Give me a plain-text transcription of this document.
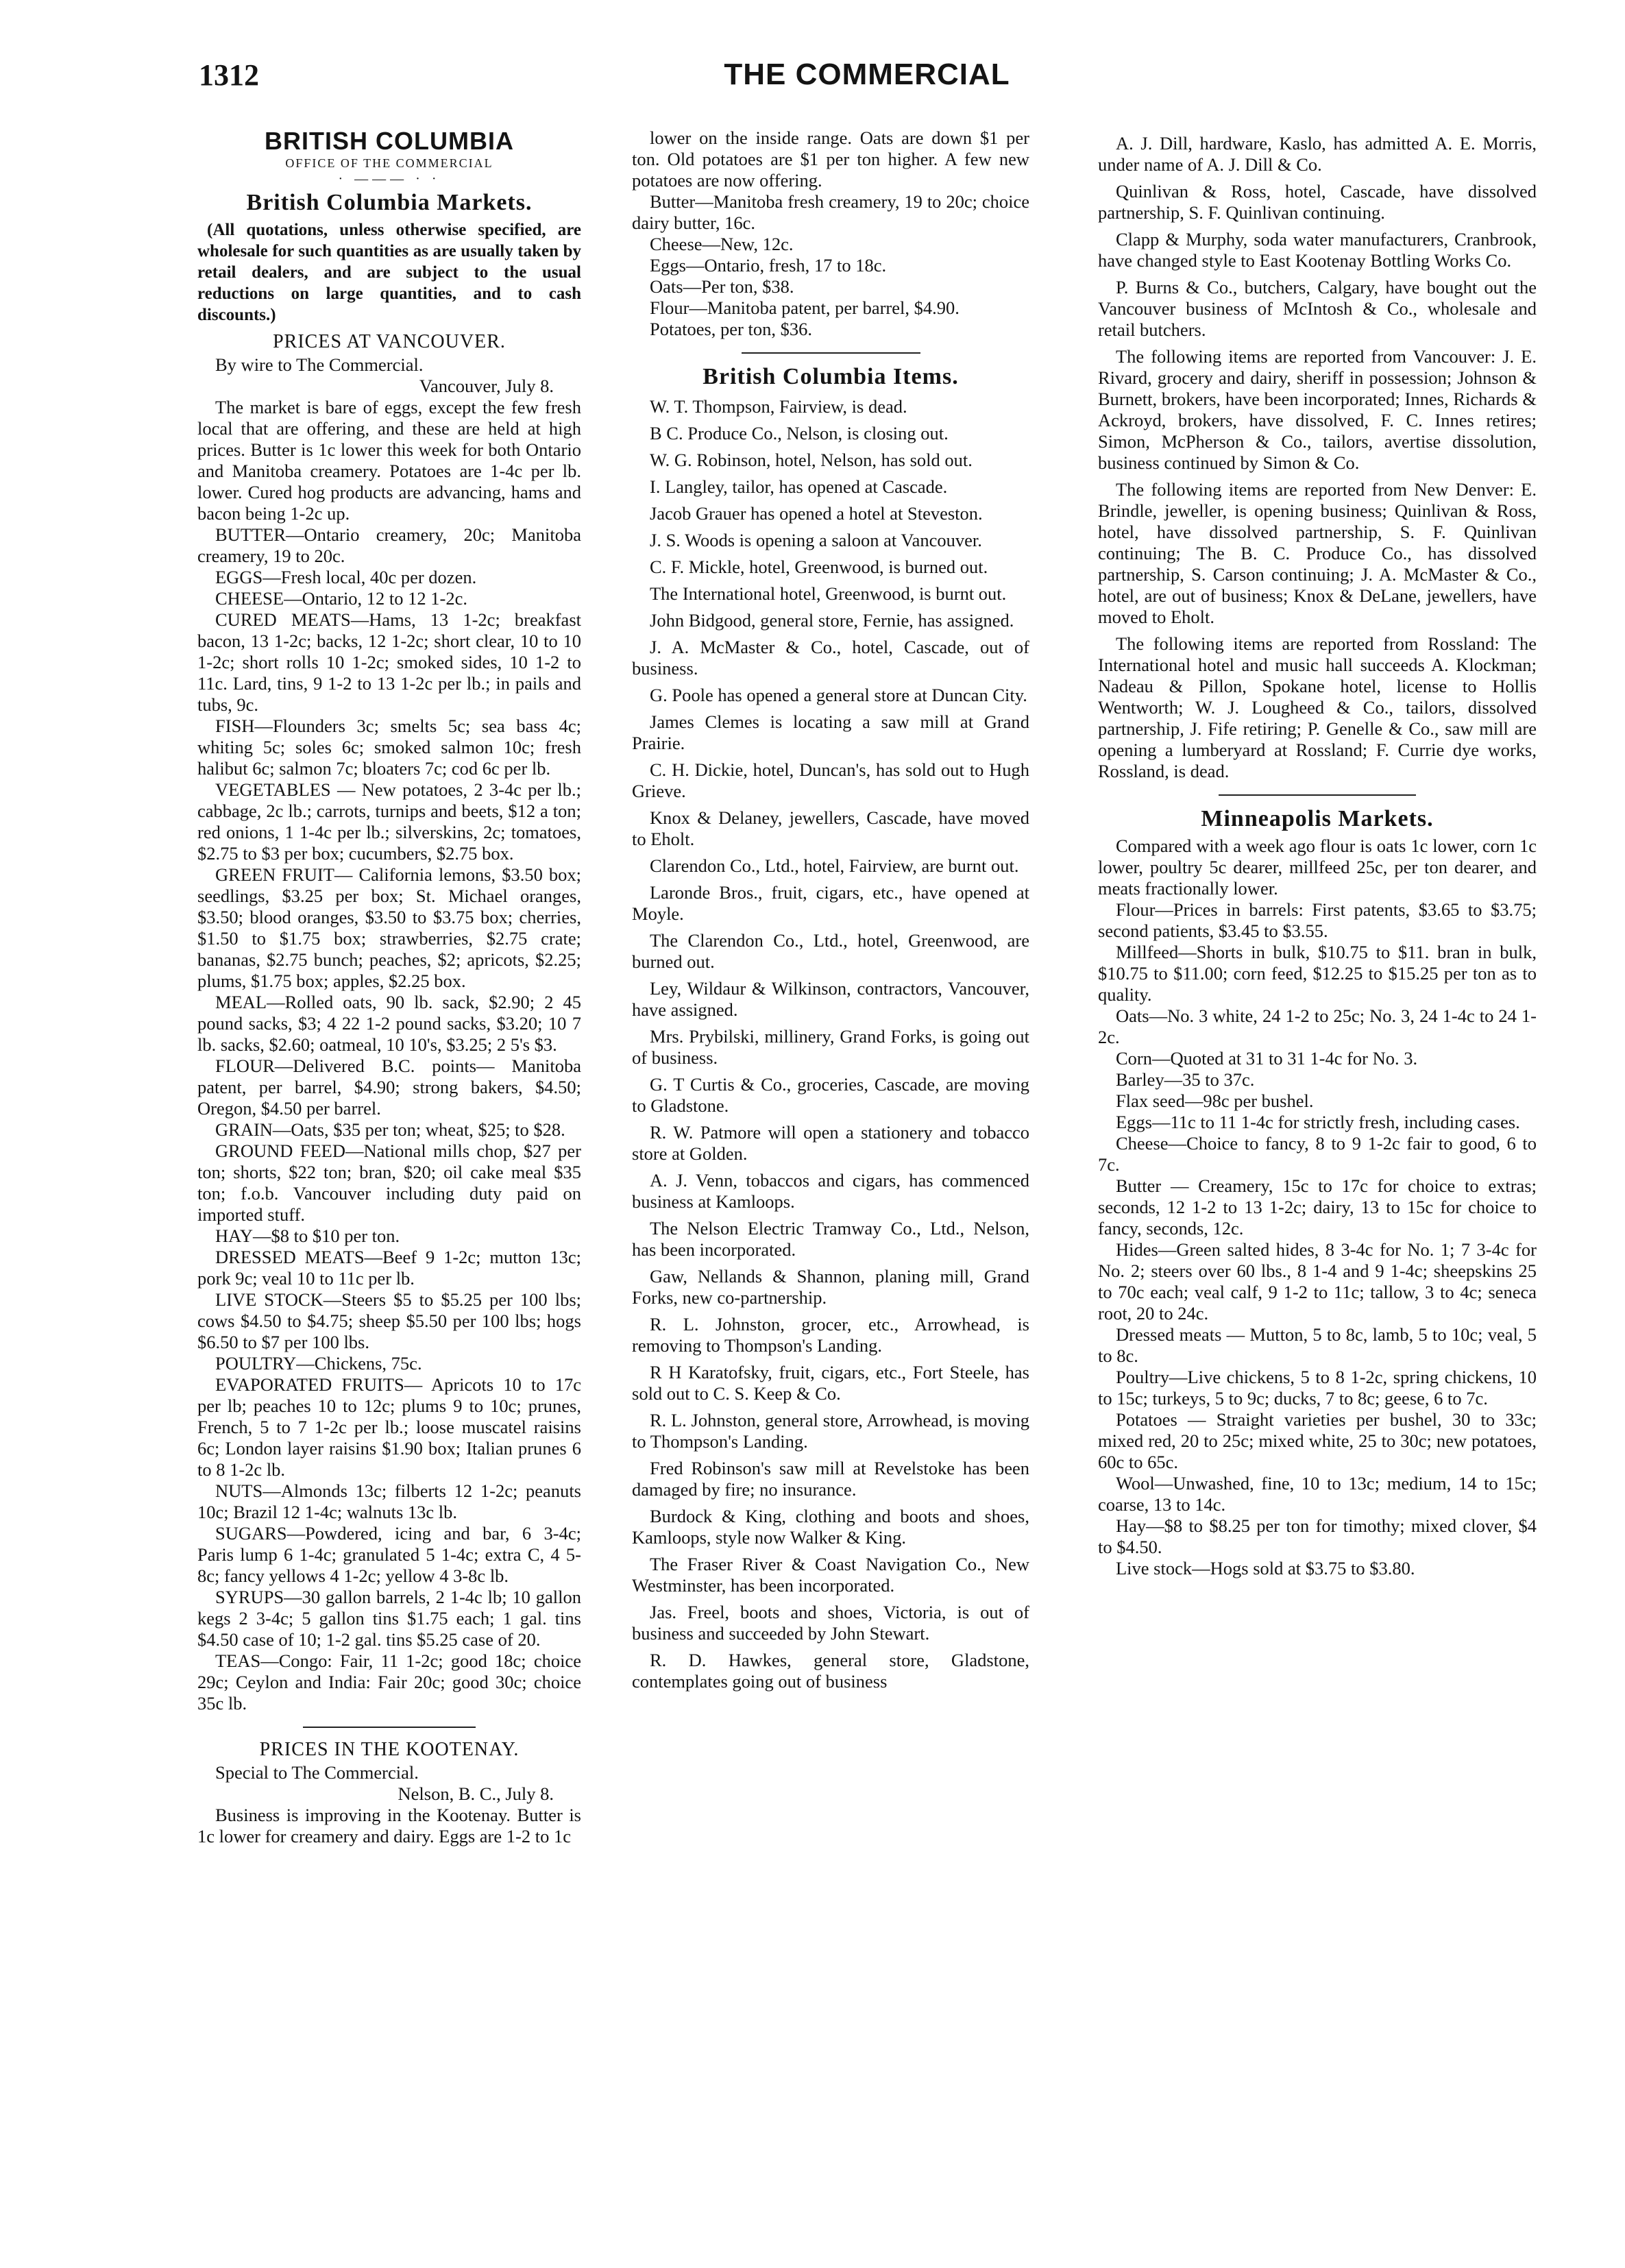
1312	THE COMMERCIAL
BRITISH COLUMBIA
OFFICE OF THE COMMERCIAL
· ——— · ·
British Columbia Markets.

(All quotations, unless otherwise specified, are wholesale for such quantities as are usually taken by retail dealers, and are subject to the usual reductions on large quantities, and to cash discounts.)

PRICES AT VANCOUVER.

By wire to The Commercial.

Vancouver, July 8.

The market is bare of eggs, except the few fresh local that are offering, and these are held at high prices. Butter is 1c lower this week for both Ontario and Manitoba creamery. Potatoes are 1-4c per lb. lower. Cured hog products are advancing, hams and bacon being 1-2c up.

BUTTER—Ontario creamery, 20c; Manitoba creamery, 19 to 20c.

EGGS—Fresh local, 40c per dozen.

CHEESE—Ontario, 12 to 12 1-2c.

CURED MEATS—Hams, 13 1-2c; breakfast bacon, 13 1-2c; backs, 12 1-2c; short clear, 10 to 10 1-2c; short rolls 10 1-2c; smoked sides, 10 1-2 to 11c. Lard, tins, 9 1-2 to 13 1-2c per lb.; in pails and tubs, 9c.

FISH—Flounders 3c; smelts 5c; sea bass 4c; whiting 5c; soles 6c; smoked salmon 10c; fresh halibut 6c; salmon 7c; bloaters 7c; cod 6c per lb.

VEGETABLES — New potatoes, 2 3-4c per lb.; cabbage, 2c lb.; carrots, turnips and beets, $12 a ton; red onions, 1 1-4c per lb.; silverskins, 2c; tomatoes, $2.75 to $3 per box; cucumbers, $2.75 box.

GREEN FRUIT— California lemons, $3.50 box; seedlings, $3.25 per box; St. Michael oranges, $3.50; blood oranges, $3.50 to $3.75 box; cherries, $1.50 to $1.75 box; strawberries, $2.75 crate; bananas, $2.75 bunch; peaches, $2; apricots, $2.25; plums, $1.75 box; apples, $2.25 box.

MEAL—Rolled oats, 90 lb. sack, $2.90; 2 45 pound sacks, $3; 4 22 1-2 pound sacks, $3.20; 10 7 lb. sacks, $2.60; oatmeal, 10 10's, $3.25; 2 5's $3.

FLOUR—Delivered B.C. points— Manitoba patent, per barrel, $4.90; strong bakers, $4.50; Oregon, $4.50 per barrel.

GRAIN—Oats, $35 per ton; wheat, $25; to $28.

GROUND FEED—National mills chop, $27 per ton; shorts, $22 ton; bran, $20; oil cake meal $35 ton; f.o.b. Vancouver including duty paid on imported stuff.

HAY—$8 to $10 per ton.

DRESSED MEATS—Beef 9 1-2c; mutton 13c; pork 9c; veal 10 to 11c per lb.

LIVE STOCK—Steers $5 to $5.25 per 100 lbs; cows $4.50 to $4.75; sheep $5.50 per 100 lbs; hogs $6.50 to $7 per 100 lbs.

POULTRY—Chickens, 75c.

EVAPORATED FRUITS— Apricots 10 to 17c per lb; peaches 10 to 12c; plums 9 to 10c; prunes, French, 5 to 7 1-2c per lb.; loose muscatel raisins 6c; London layer raisins $1.90 box; Italian prunes 6 to 8 1-2c lb.

NUTS—Almonds 13c; filberts 12 1-2c; peanuts 10c; Brazil 12 1-4c; walnuts 13c lb.

SUGARS—Powdered, icing and bar, 6 3-4c; Paris lump 6 1-4c; granulated 5 1-4c; extra C, 4 5-8c; fancy yellows 4 1-2c; yellow 4 3-8c lb.

SYRUPS—30 gallon barrels, 2 1-4c lb; 10 gallon kegs 2 3-4c; 5 gallon tins $1.75 each; 1 gal. tins $4.50 case of 10; 1-2 gal. tins $5.25 case of 20.

TEAS—Congo: Fair, 11 1-2c; good 18c; choice 29c; Ceylon and India: Fair 20c; good 30c; choice 35c lb.

PRICES IN THE KOOTENAY.

Special to The Commercial.

Nelson, B. C., July 8.

Business is improving in the Kootenay. Butter is 1c lower for creamery and dairy. Eggs are 1-2 to 1c

lower on the inside range. Oats are down $1 per ton. Old potatoes are $1 per ton higher. A few new potatoes are now offering.

Butter—Manitoba fresh creamery, 19 to 20c; choice dairy butter, 16c.

Cheese—New, 12c.

Eggs—Ontario, fresh, 17 to 18c.

Oats—Per ton, $38.

Flour—Manitoba patent, per barrel, $4.90.

Potatoes, per ton, $36.

British Columbia Items.

W. T. Thompson, Fairview, is dead.

B C. Produce Co., Nelson, is closing out.

W. G. Robinson, hotel, Nelson, has sold out.

I. Langley, tailor, has opened at Cascade.

Jacob Grauer has opened a hotel at Steveston.

J. S. Woods is opening a saloon at Vancouver.

C. F. Mickle, hotel, Greenwood, is burned out.

The International hotel, Greenwood, is burnt out.

John Bidgood, general store, Fernie, has assigned.

J. A. McMaster & Co., hotel, Cascade, out of business.

G. Poole has opened a general store at Duncan City.

James Clemes is locating a saw mill at Grand Prairie.

C. H. Dickie, hotel, Duncan's, has sold out to Hugh Grieve.

Knox & Delaney, jewellers, Cascade, have moved to Eholt.

Clarendon Co., Ltd., hotel, Fairview, are burnt out.

Laronde Bros., fruit, cigars, etc., have opened at Moyle.

The Clarendon Co., Ltd., hotel, Greenwood, are burned out.

Ley, Wildaur & Wilkinson, contractors, Vancouver, have assigned.

Mrs. Prybilski, millinery, Grand Forks, is going out of business.

G. T Curtis & Co., groceries, Cascade, are moving to Gladstone.

R. W. Patmore will open a stationery and tobacco store at Golden.

A. J. Venn, tobaccos and cigars, has commenced business at Kamloops.

The Nelson Electric Tramway Co., Ltd., Nelson, has been incorporated.

Gaw, Nellands & Shannon, planing mill, Grand Forks, new co-partnership.

R. L. Johnston, grocer, etc., Arrowhead, is removing to Thompson's Landing.

R H Karatofsky, fruit, cigars, etc., Fort Steele, has sold out to C. S. Keep & Co.

R. L. Johnston, general store, Arrowhead, is moving to Thompson's Landing.

Fred Robinson's saw mill at Revelstoke has been damaged by fire; no insurance.

Burdock & King, clothing and boots and shoes, Kamloops, style now Walker & King.

The Fraser River & Coast Navigation Co., New Westminster, has been incorporated.

Jas. Freel, boots and shoes, Victoria, is out of business and succeeded by John Stewart.

R. D. Hawkes, general store, Gladstone, contemplates going out of business

A. J. Dill, hardware, Kaslo, has admitted A. E. Morris, under name of A. J. Dill & Co.

Quinlivan & Ross, hotel, Cascade, have dissolved partnership, S. F. Quinlivan continuing.

Clapp & Murphy, soda water manufacturers, Cranbrook, have changed style to East Kootenay Bottling Works Co.

P. Burns & Co., butchers, Calgary, have bought out the Vancouver business of McIntosh & Co., wholesale and retail butchers.

The following items are reported from Vancouver: J. E. Rivard, grocery and dairy, sheriff in possession; Johnson & Burnett, brokers, have been incorporated; Innes, Richards & Ackroyd, brokers, have dissolved, F. C. Innes retires; Simon, McPherson & Co., tailors, avertise dissolution, business continued by Simon & Co.

The following items are reported from New Denver: E. Brindle, jeweller, is opening business; Quinlivan & Ross, hotel, have dissolved partnership, S. F. Quinlivan continuing; The B. C. Produce Co., has dissolved partnership, S. Carson continuing; J. A. McMaster & Co., hotel, are out of business; Knox & DeLane, jewellers, have moved to Eholt.

The following items are reported from Rossland: The International hotel and music hall succeeds A. Klockman; Nadeau & Pillon, Spokane hotel, license to Hollis Wentworth; W. J. Lougheed & Co., tailors, dissolved partnership, J. Fife retiring; P. Genelle & Co., saw mill are opening a lumberyard at Rossland; F. Currie dye works, Rossland, is dead.

Minneapolis Markets.

Compared with a week ago flour is oats 1c lower, corn 1c lower, poultry 5c dearer, millfeed 25c, per ton dearer, and meats fractionally lower.

Flour—Prices in barrels: First patents, $3.65 to $3.75; second patients, $3.45 to $3.55.

Millfeed—Shorts in bulk, $10.75 to $11. bran in bulk, $10.75 to $11.00; corn feed, $12.25 to $15.25 per ton as to quality.

Oats—No. 3 white, 24 1-2 to 25c; No. 3, 24 1-4c to 24 1-2c.

Corn—Quoted at 31 to 31 1-4c for No. 3.

Barley—35 to 37c.

Flax seed—98c per bushel.

Eggs—11c to 11 1-4c for strictly fresh, including cases.

Cheese—Choice to fancy, 8 to 9 1-2c fair to good, 6 to 7c.

Butter — Creamery, 15c to 17c for choice to extras; seconds, 12 1-2 to 13 1-2c; dairy, 13 to 15c for choice to fancy, seconds, 12c.

Hides—Green salted hides, 8 3-4c for No. 1; 7 3-4c for No. 2; steers over 60 lbs., 8 1-4 and 9 1-4c; sheepskins 25 to 70c each; veal calf, 9 1-2 to 11c; tallow, 3 to 4c; seneca root, 20 to 24c.

Dressed meats — Mutton, 5 to 8c, lamb, 5 to 10c; veal, 5 to 8c.

Poultry—Live chickens, 5 to 8 1-2c, spring chickens, 10 to 15c; turkeys, 5 to 9c; ducks, 7 to 8c; geese, 6 to 7c.

Potatoes — Straight varieties per bushel, 30 to 33c; mixed red, 20 to 25c; mixed white, 25 to 30c; new potatoes, 60c to 65c.

Wool—Unwashed, fine, 10 to 13c; medium, 14 to 15c; coarse, 13 to 14c.

Hay—$8 to $8.25 per ton for timothy; mixed clover, $4 to $4.50.

Live stock—Hogs sold at $3.75 to $3.80.
